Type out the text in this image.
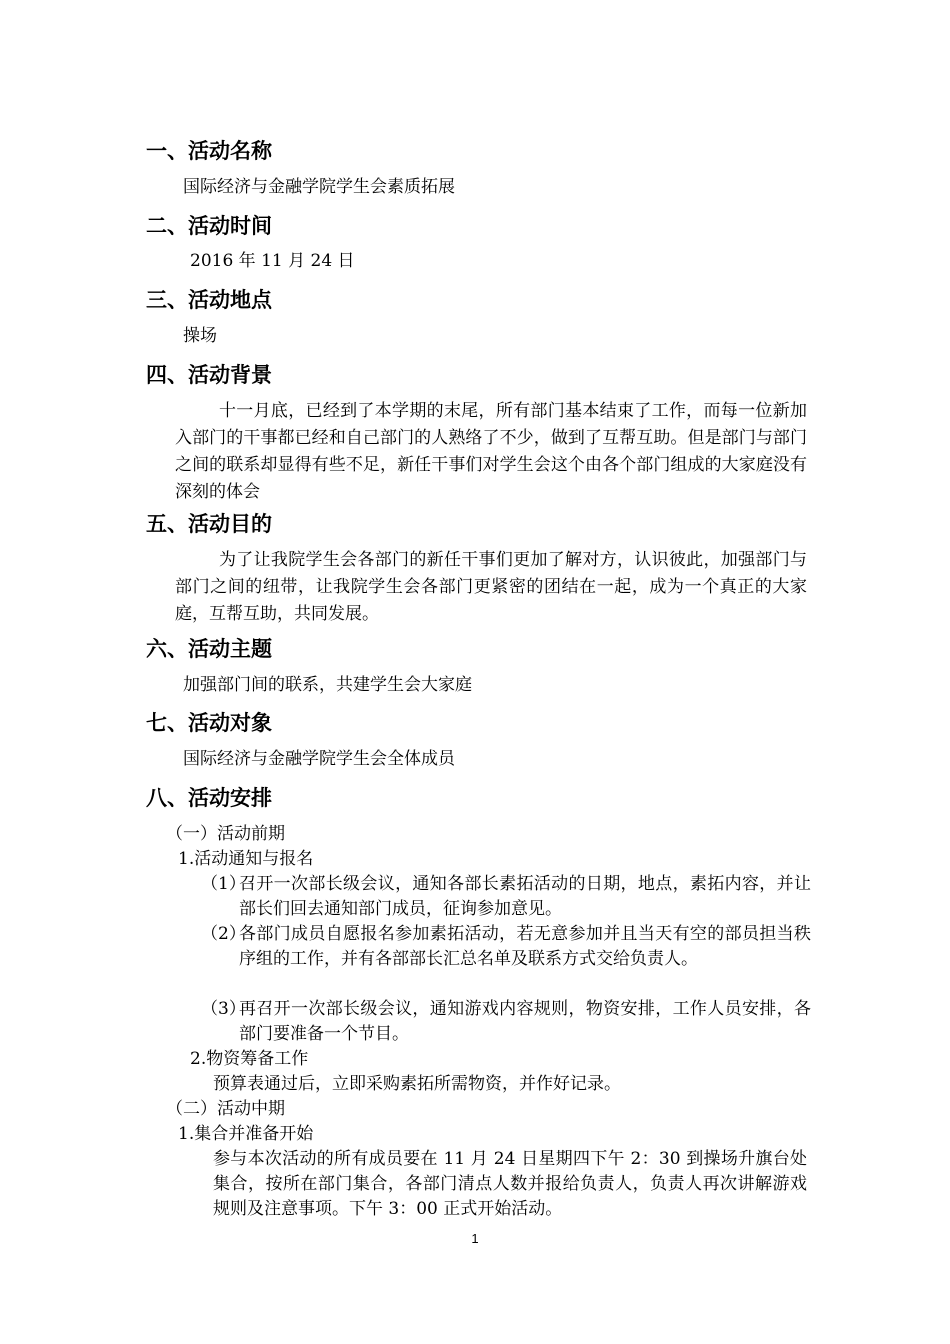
一、活动名称
国际经济与金融学院学生会素质拓展
二、活动时间
2016 年 11 月 24 日
三、活动地点
操场
四、活动背景
十一月底，已经到了本学期的末尾，所有部门基本结束了工作，而每一位新加入部门的干事都已经和自己部门的人熟络了不少，做到了互帮互助。但是部门与部门之间的联系却显得有些不足，新任干事们对学生会这个由各个部门组成的大家庭没有深刻的体会
五、活动目的
为了让我院学生会各部门的新任干事们更加了解对方，认识彼此，加强部门与部门之间的纽带，让我院学生会各部门更紧密的团结在一起，成为一个真正的大家庭，互帮互助，共同发展。
六、活动主题
加强部门间的联系，共建学生会大家庭
七、活动对象
国际经济与金融学院学生会全体成员
八、活动安排
（一）活动前期
1.活动通知与报名
（1）
召开一次部长级会议，通知各部长素拓活动的日期，地点，素拓内容，并让部长们回去通知部门成员，征询参加意见。
（2）
各部门成员自愿报名参加素拓活动，若无意参加并且当天有空的部员担当秩序组的工作，并有各部部长汇总名单及联系方式交给负责人。
（3）
再召开一次部长级会议，通知游戏内容规则，物资安排，工作人员安排，各部门要准备一个节目。
2.物资筹备工作
预算表通过后，立即采购素拓所需物资，并作好记录。
（二）活动中期
1.集合并准备开始
参与本次活动的所有成员要在 11 月 24 日星期四下午 2：30 到操场升旗台处集合，按所在部门集合，各部门清点人数并报给负责人，负责人再次讲解游戏规则及注意事项。下午 3：00 正式开始活动。
1
